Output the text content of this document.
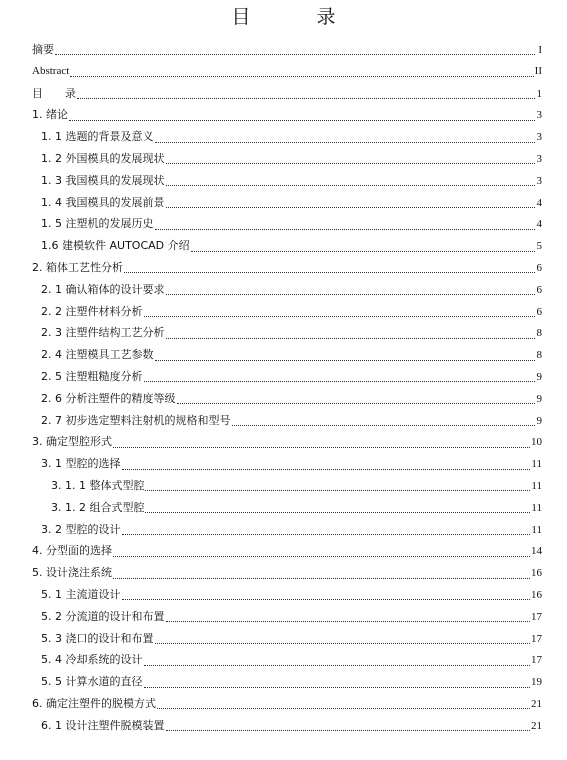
目录
摘要	I
Abstract	II
目　　录	1
1. 绪论	3
1. 1 选题的背景及意义	3
1. 2 外国模具的发展现状	3
1. 3 我国模具的发展现状	3
1. 4 我国模具的发展前景	4
1. 5 注塑机的发展历史	4
1.6 建模软件 AUTOCAD 介绍	5
2. 箱体工艺性分析	6
2. 1 确认箱体的设计要求	6
2. 2 注塑件材料分析	6
2. 3 注塑件结构工艺分析	8
2. 4 注塑模具工艺参数	8
2. 5 注塑粗糙度分析	9
2. 6 分析注塑件的精度等级	9
2. 7 初步选定塑料注射机的规格和型号	9
3. 确定型腔形式	10
3. 1 型腔的选择	11
3. 1. 1 整体式型腔	11
3. 1. 2 组合式型腔	11
3. 2 型腔的设计	11
4. 分型面的选择	14
5. 设计浇注系统	16
5. 1 主流道设计	16
5. 2 分流道的设计和布置	17
5. 3 浇口的设计和布置	17
5. 4 冷却系统的设计	17
5. 5 计算水道的直径	19
6. 确定注塑件的脱模方式	21
6. 1 设计注塑件脱模装置	21
